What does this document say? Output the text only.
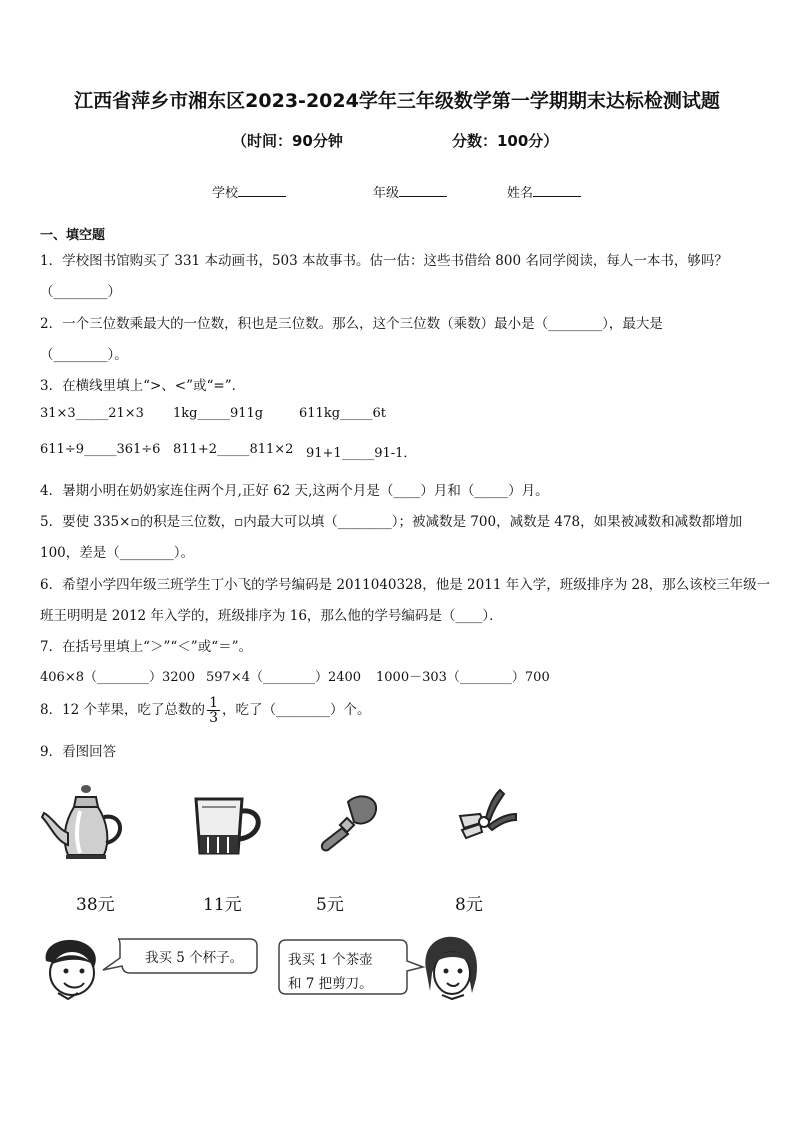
江西省萍乡市湘东区2023-2024学年三年级数学第一学期期末达标检测试题
（时间：90分钟	分数：100分）
学校	年级	姓名
一、填空题
1．学校图书馆购买了 331 本动画书，503 本故事书。估一估：这些书借给 800 名同学阅读，每人一本书，够吗？
（________）
2．一个三位数乘最大的一位数，积也是三位数。那么，这个三位数（乘数）最小是（________），最大是
（________）。
3．在横线里填上“>、<”或“=”．
31×3_____21×3 1kg_____911g	611kg_____6t
611÷9_____361÷6 811+2_____811×2 91+1_____91-1．
4．暑期小明在奶奶家连住两个月,正好 62 天,这两个月是（____）月和（_____）月。
5．要使 335×▫的积是三位数，▫内最大可以填（________）；被减数是 700，减数是 478，如果被减数和减数都增加
100，差是（________）。
6．希望小学四年级三班学生丁小飞的学号编码是 2011040328，他是 2011 年入学，班级排序为 28，那么该校三年级一
班王明明是 2012 年入学的，班级排序为 16，那么他的学号编码是（____）．
7．在括号里填上“＞”“＜”或“＝”。
406×8（________）3200 597×4（________）2400 1000－303（________）700
8．12 个苹果，吃了总数的 $\frac{1}{3}$ ，吃了（________）个。
9．看图回答
38元	11元	5元	8元
我买 5 个杯子。	我买 1 个茶壶
和 7 把剪刀。
